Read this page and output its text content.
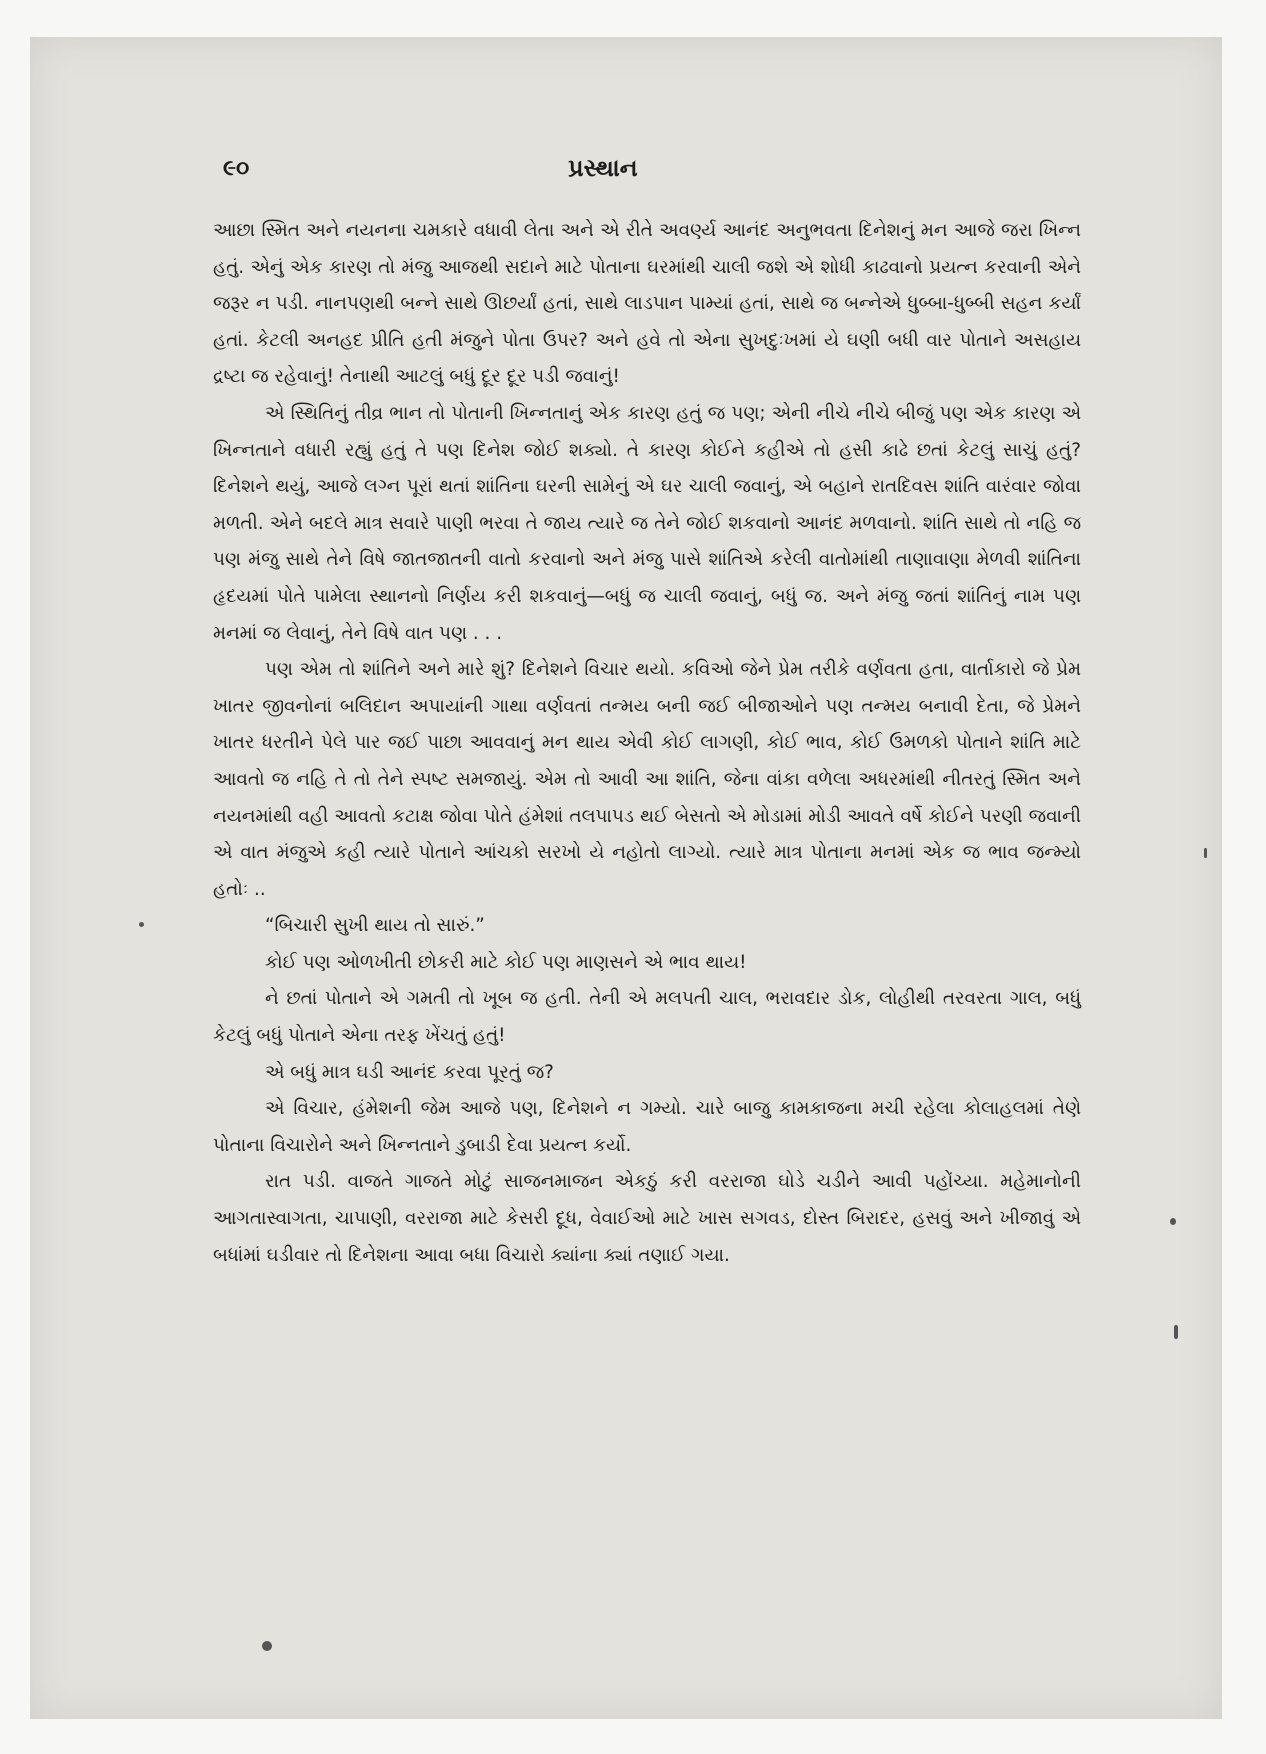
૯૦	પ્રસ્થાન

આછા સ્મિત અને નયનના ચમકારે વધાવી લેતા અને એ રીતે અવર્ણ્ય આનંદ અનુભવતા દિનેશનું મન આજે જરા ખિન્ન હતું. એનું એક કારણ તો મંજુ આજથી સદાને માટે પોતાના ઘરમાંથી ચાલી જશે એ શોધી કાઢવાનો પ્રયત્ન કરવાની એને જરૂર ન પડી. નાનપણથી બન્ને સાથે ઊછર્યાં હતાં, સાથે લાડપાન પામ્યાં હતાં, સાથે જ બન્નેએ ધુબ્બા-ધુબ્બી સહન કર્યાં હતાં. કેટલી અનહદ પ્રીતિ હતી મંજુને પોતા ઉપર? અને હવે તો એના સુખદુઃખમાં યે ઘણી બધી વાર પોતાને અસહાય દ્રષ્ટા જ રહેવાનું! તેનાથી આટલું બધું દૂર દૂર પડી જવાનું!

એ સ્થિતિનું તીવ્ર ભાન તો પોતાની ખિન્નતાનું એક કારણ હતું જ પણ; એની નીચે નીચે બીજું પણ એક કારણ એ ખિન્નતાને વધારી રહ્યું હતું તે પણ દિનેશ જોઈ શક્યો. તે કારણ કોઈને કહીએ તો હસી કાઢે છતાં કેટલું સાચું હતું? દિનેશને થયું, આજે લગ્ન પૂરાં થતાં શાંતિના ઘરની સામેનું એ ઘર ચાલી જવાનું, એ બહાને રાતદિવસ શાંતિ વારંવાર જોવા મળતી. એને બદલે માત્ર સવારે પાણી ભરવા તે જાય ત્યારે જ તેને જોઈ શકવાનો આનંદ મળવાનો. શાંતિ સાથે તો નહિ જ પણ મંજુ સાથે તેને વિષે જાતજાતની વાતો કરવાનો અને મંજુ પાસે શાંતિએ કરેલી વાતોમાંથી તાણાવાણા મેળવી શાંતિના હૃદયમાં પોતે પામેલા સ્થાનનો નિર્ણય કરી શકવાનું—બધું જ ચાલી જવાનું, બધું જ. અને મંજુ જતાં શાંતિનું નામ પણ મનમાં જ લેવાનું, તેને વિષે વાત પણ . . .

પણ એમ તો શાંતિને અને મારે શું? દિનેશને વિચાર થયો. કવિઓ જેને પ્રેમ તરીકે વર્ણવતા હતા, વાર્તાકારો જે પ્રેમ ખાતર જીવનોનાં બલિદાન અપાયાંની ગાથા વર્ણવતાં તન્મય બની જઈ બીજાઓને પણ તન્મય બનાવી દેતા, જે પ્રેમને ખાતર ધરતીને પેલે પાર જઈ પાછા આવવાનું મન થાય એવી કોઈ લાગણી, કોઈ ભાવ, કોઈ ઉમળકો પોતાને શાંતિ માટે આવતો જ નહિ તે તો તેને સ્પષ્ટ સમજાયું. એમ તો આવી આ શાંતિ, જેના વાંકા વળેલા અધરમાંથી નીતરતું સ્મિત અને નયનમાંથી વહી આવતો કટાક્ષ જોવા પોતે હંમેશાં તલપાપડ થઈ બેસતો એ મોડામાં મોડી આવતે વર્ષે કોઈને પરણી જવાની એ વાત મંજુએ કહી ત્યારે પોતાને આંચકો સરખો યે નહોતો લાગ્યો. ત્યારે માત્ર પોતાના મનમાં એક જ ભાવ જન્મ્યો હતોઃ ..

“બિચારી સુખી થાય તો સારું.”

કોઈ પણ ઓળખીતી છોકરી માટે કોઈ પણ માણસને એ ભાવ થાય!

ને છતાં પોતાને એ ગમતી તો ખૂબ જ હતી. તેની એ મલપતી ચાલ, ભરાવદાર ડોક, લોહીથી તરવરતા ગાલ, બધું કેટલું બધું પોતાને એના તરફ ખેંચતું હતું!

એ બધું માત્ર ઘડી આનંદ કરવા પૂરતું જ?

એ વિચાર, હંમેશની જેમ આજે પણ, દિનેશને ન ગમ્યો. ચારે બાજુ કામકાજના મચી રહેલા કોલાહલમાં તેણે પોતાના વિચારોને અને ખિન્નતાને ડુબાડી દેવા પ્રયત્ન કર્યો.

રાત પડી. વાજતે ગાજતે મોટું સાજનમાજન એકઠું કરી વરરાજા ઘોડે ચડીને આવી પહોંચ્યા. મહેમાનોની આગતાસ્વાગતા, ચાપાણી, વરરાજા માટે કેસરી દૂધ, વેવાઈઓ માટે ખાસ સગવડ, દોસ્ત બિરાદર, હસવું અને ખીજાવું એ બધાંમાં ઘડીવાર તો દિનેશના આવા બધા વિચારો ક્યાંના ક્યાં તણાઈ ગયા.
